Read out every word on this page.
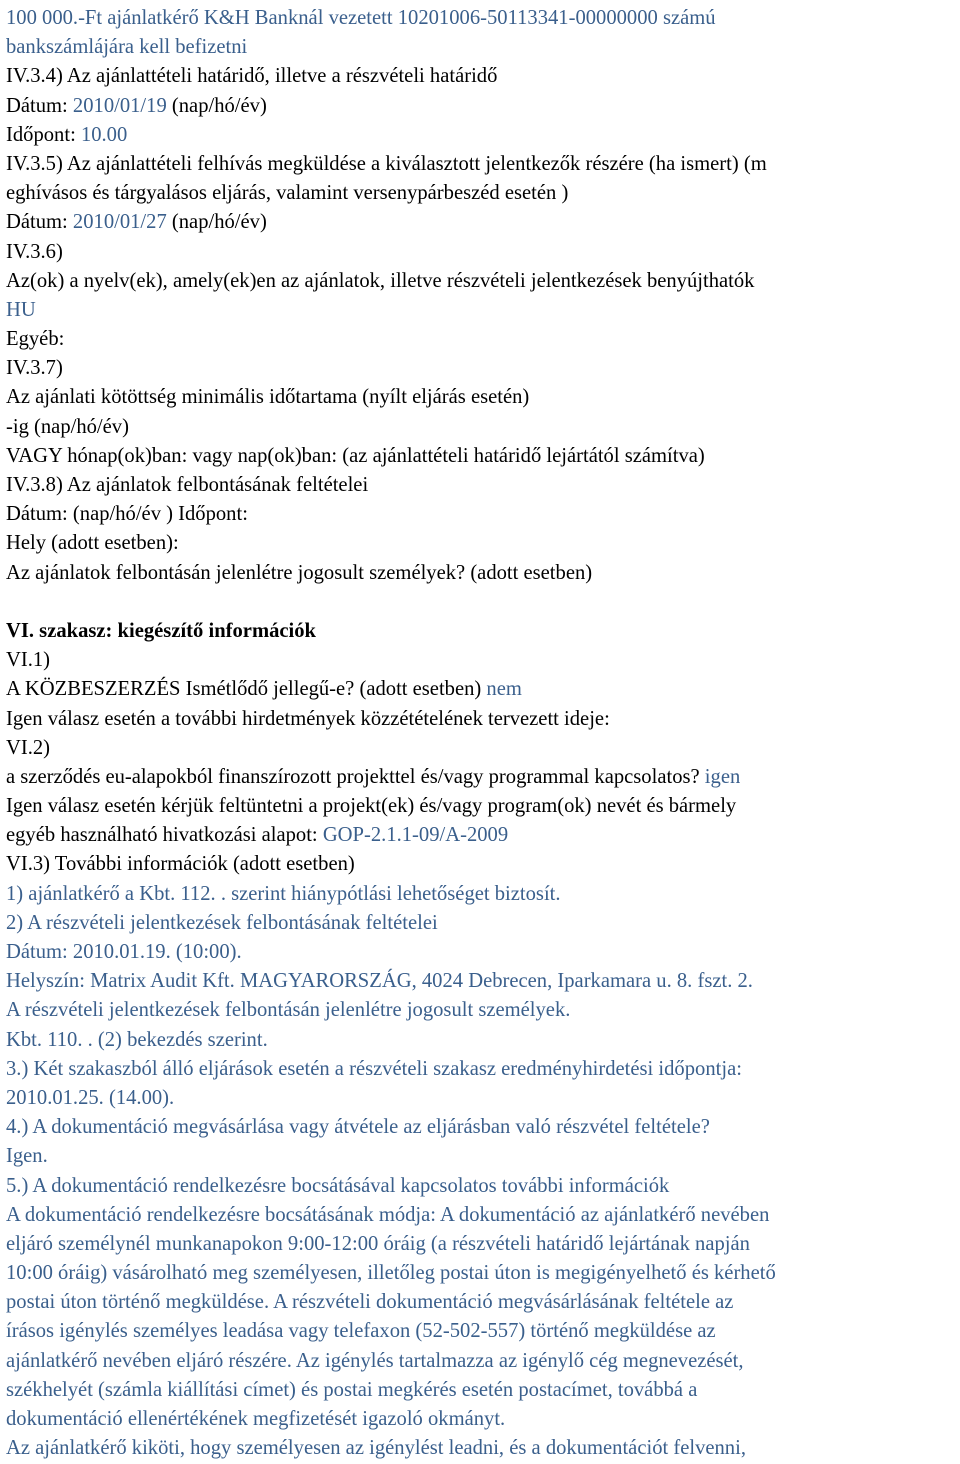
100 000.-Ft ajánlatkérő K&H Banknál vezetett 10201006-50113341-00000000 számú
bankszámlájára kell befizetni
IV.3.4) Az ajánlattételi határidő, illetve a részvételi határidő
Dátum: 2010/01/19 (nap/hó/év)
Időpont: 10.00
IV.3.5) Az ajánlattételi felhívás megküldése a kiválasztott jelentkezők részére (ha ismert) (m
eghívásos és tárgyalásos eljárás, valamint versenypárbeszéd esetén )
Dátum: 2010/01/27 (nap/hó/év)
IV.3.6)
Az(ok) a nyelv(ek), amely(ek)en az ajánlatok, illetve részvételi jelentkezések benyújthatók
HU
Egyéb:
IV.3.7)
Az ajánlati kötöttség minimális időtartama (nyílt eljárás esetén)
-ig (nap/hó/év)
VAGY hónap(ok)ban: vagy nap(ok)ban: (az ajánlattételi határidő lejártától számítva)
IV.3.8) Az ajánlatok felbontásának feltételei
Dátum: (nap/hó/év ) Időpont:
Hely (adott esetben):
Az ajánlatok felbontásán jelenlétre jogosult személyek? (adott esetben)
VI. szakasz: kiegészítő információk
VI.1)
A KÖZBESZERZÉS Ismétlődő jellegű-e? (adott esetben) nem
Igen válasz esetén a további hirdetmények közzétételének tervezett ideje:
VI.2)
a szerződés eu-alapokból finanszírozott projekttel és/vagy programmal kapcsolatos? igen
Igen válasz esetén kérjük feltüntetni a projekt(ek) és/vagy program(ok) nevét és bármely
egyéb használható hivatkozási alapot: GOP-2.1.1-09/A-2009
VI.3) További információk (adott esetben)
1) ajánlatkérő a Kbt. 112. . szerint hiánypótlási lehetőséget biztosít.
2) A részvételi jelentkezések felbontásának feltételei
Dátum: 2010.01.19. (10:00).
Helyszín: Matrix Audit Kft. MAGYARORSZÁG, 4024 Debrecen, Iparkamara u. 8. fszt. 2.
A részvételi jelentkezések felbontásán jelenlétre jogosult személyek.
Kbt. 110. . (2) bekezdés szerint.
3.) Két szakaszból álló eljárások esetén a részvételi szakasz eredményhirdetési időpontja:
2010.01.25. (14.00).
4.) A dokumentáció megvásárlása vagy átvétele az eljárásban való részvétel feltétele?
Igen.
5.) A dokumentáció rendelkezésre bocsátásával kapcsolatos további információk
A dokumentáció rendelkezésre bocsátásának módja: A dokumentáció az ajánlatkérő nevében
eljáró személynél munkanapokon 9:00-12:00 óráig (a részvételi határidő lejártának napján
10:00 óráig) vásárolható meg személyesen, illetőleg postai úton is megigényelhető és kérhető
postai úton történő megküldése. A részvételi dokumentáció megvásárlásának feltétele az
írásos igénylés személyes leadása vagy telefaxon (52-502-557) történő megküldése az
ajánlatkérő nevében eljáró részére. Az igénylés tartalmazza az igénylő cég megnevezését,
székhelyét (számla kiállítási címet) és postai megkérés esetén postacímet, továbbá a
dokumentáció ellenértékének megfizetését igazoló okmányt.
Az ajánlatkérő kiköti, hogy személyesen az igénylést leadni, és a dokumentációt felvenni,
